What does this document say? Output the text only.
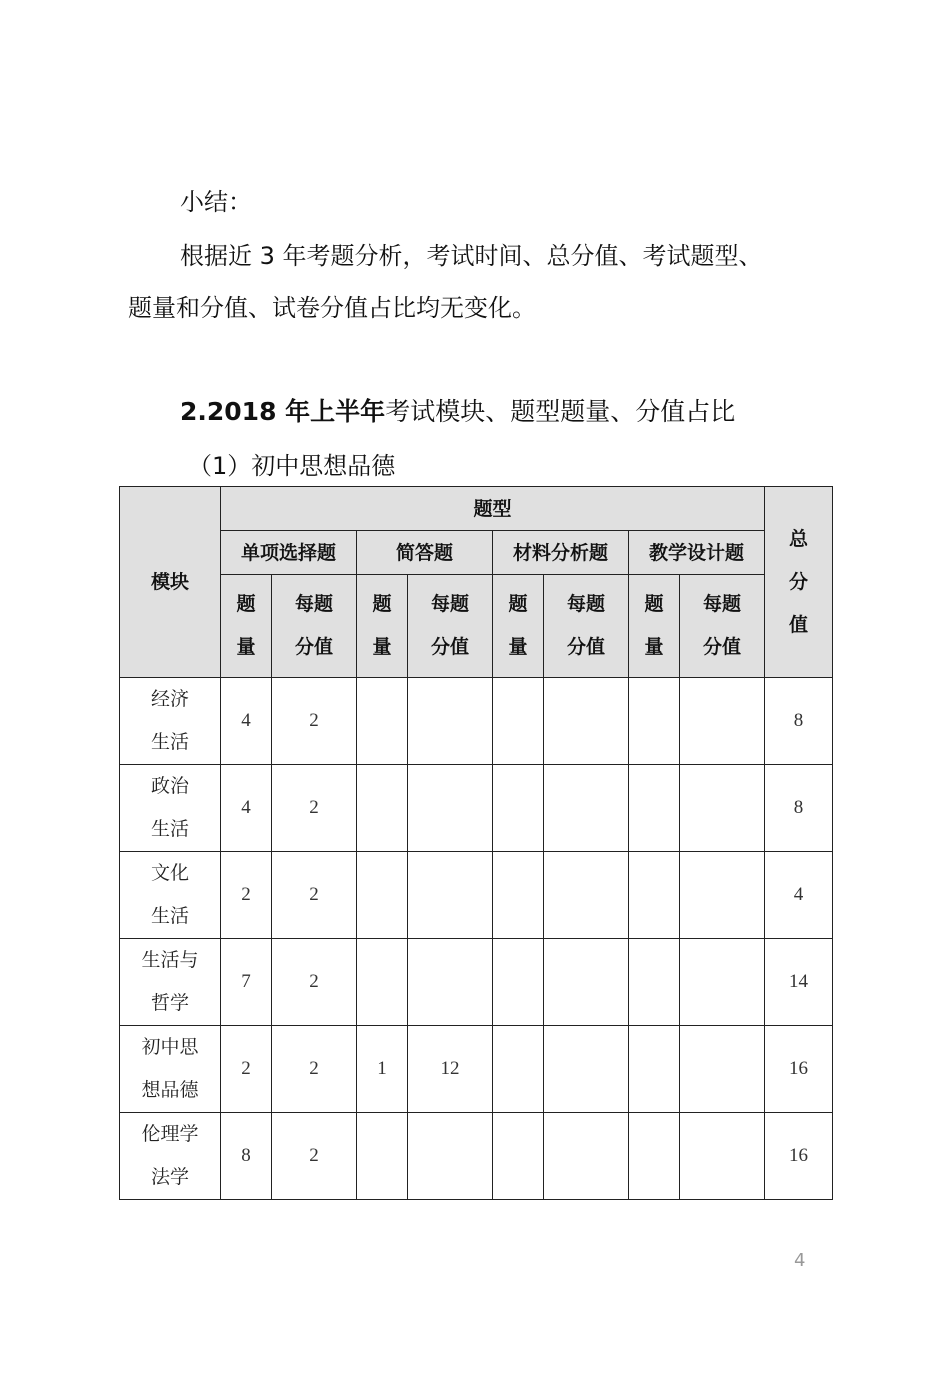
小结：
根据近 3 年考题分析，考试时间、总分值、考试题型、
题量和分值、试卷分值占比均无变化。
2.2018 年上半年考试模块、题型题量、分值占比
（1）初中思想品德
模块	题型								总分值
	单项选择题		简答题		材料分析题		教学设计题		
	题量	每题分值	题量	每题分值	题量	每题分值	题量	每题分值	
经济生活	4	2							8
政治生活	4	2							8
文化生活	2	2							4
生活与哲学	7	2							14
初中思想品德	2	2	1	12					16
伦理学法学	8	2							16
4
